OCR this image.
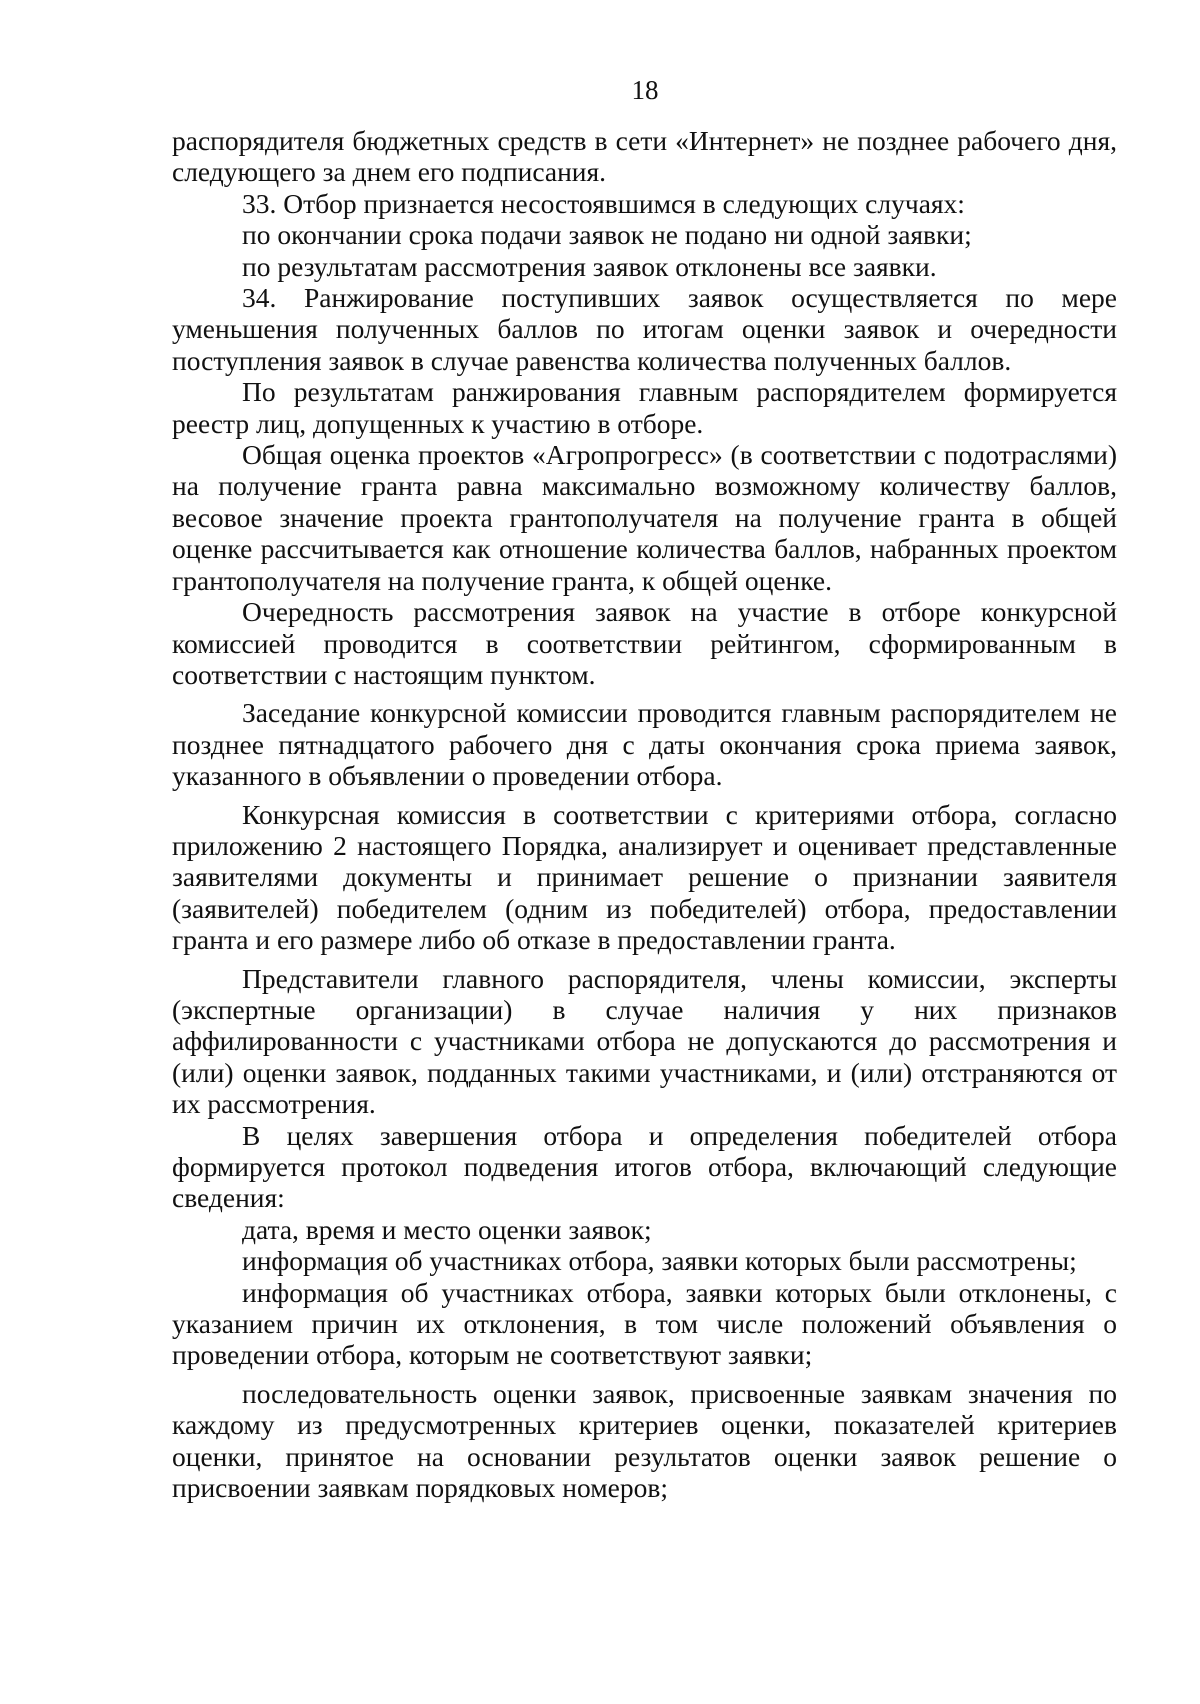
18

распорядителя бюджетных средств в сети «Интернет» не позднее рабочего дня, следующего за днем его подписания.

33. Отбор признается несостоявшимся в следующих случаях:

по окончании срока подачи заявок не подано ни одной заявки;

по результатам рассмотрения заявок отклонены все заявки.

34. Ранжирование поступивших заявок осуществляется по мере уменьшения полученных баллов по итогам оценки заявок и очередности поступления заявок в случае равенства количества полученных баллов.

По результатам ранжирования главным распорядителем формируется реестр лиц, допущенных к участию в отборе.

Общая оценка проектов «Агропрогресс» (в соответствии с подотраслями) на получение гранта равна максимально возможному количеству баллов, весовое значение проекта грантополучателя на получение гранта в общей оценке рассчитывается как отношение количества баллов, набранных проектом грантополучателя на получение гранта, к общей оценке.

Очередность рассмотрения заявок на участие в отборе конкурсной комиссией проводится в соответствии рейтингом, сформированным в соответствии с настоящим пунктом.

Заседание конкурсной комиссии проводится главным распорядителем не позднее пятнадцатого рабочего дня с даты окончания срока приема заявок, указанного в объявлении о проведении отбора.

Конкурсная комиссия в соответствии с критериями отбора, согласно приложению 2 настоящего Порядка, анализирует и оценивает представленные заявителями документы и принимает решение о признании заявителя (заявителей) победителем (одним из победителей) отбора, предоставлении гранта и его размере либо об отказе в предоставлении гранта.

Представители главного распорядителя, члены комиссии, эксперты (экспертные организации) в случае наличия у них признаков аффилированности с участниками отбора не допускаются до рассмотрения и (или) оценки заявок, подданных такими участниками, и (или) отстраняются от их рассмотрения.

В целях завершения отбора и определения победителей отбора формируется протокол подведения итогов отбора, включающий следующие сведения:

дата, время и место оценки заявок;

информация об участниках отбора, заявки которых были рассмотрены;

информация об участниках отбора, заявки которых были отклонены, с указанием причин их отклонения, в том числе положений объявления о проведении отбора, которым не соответствуют заявки;

последовательность оценки заявок, присвоенные заявкам значения по каждому из предусмотренных критериев оценки, показателей критериев оценки, принятое на основании результатов оценки заявок решение о присвоении заявкам порядковых номеров;
